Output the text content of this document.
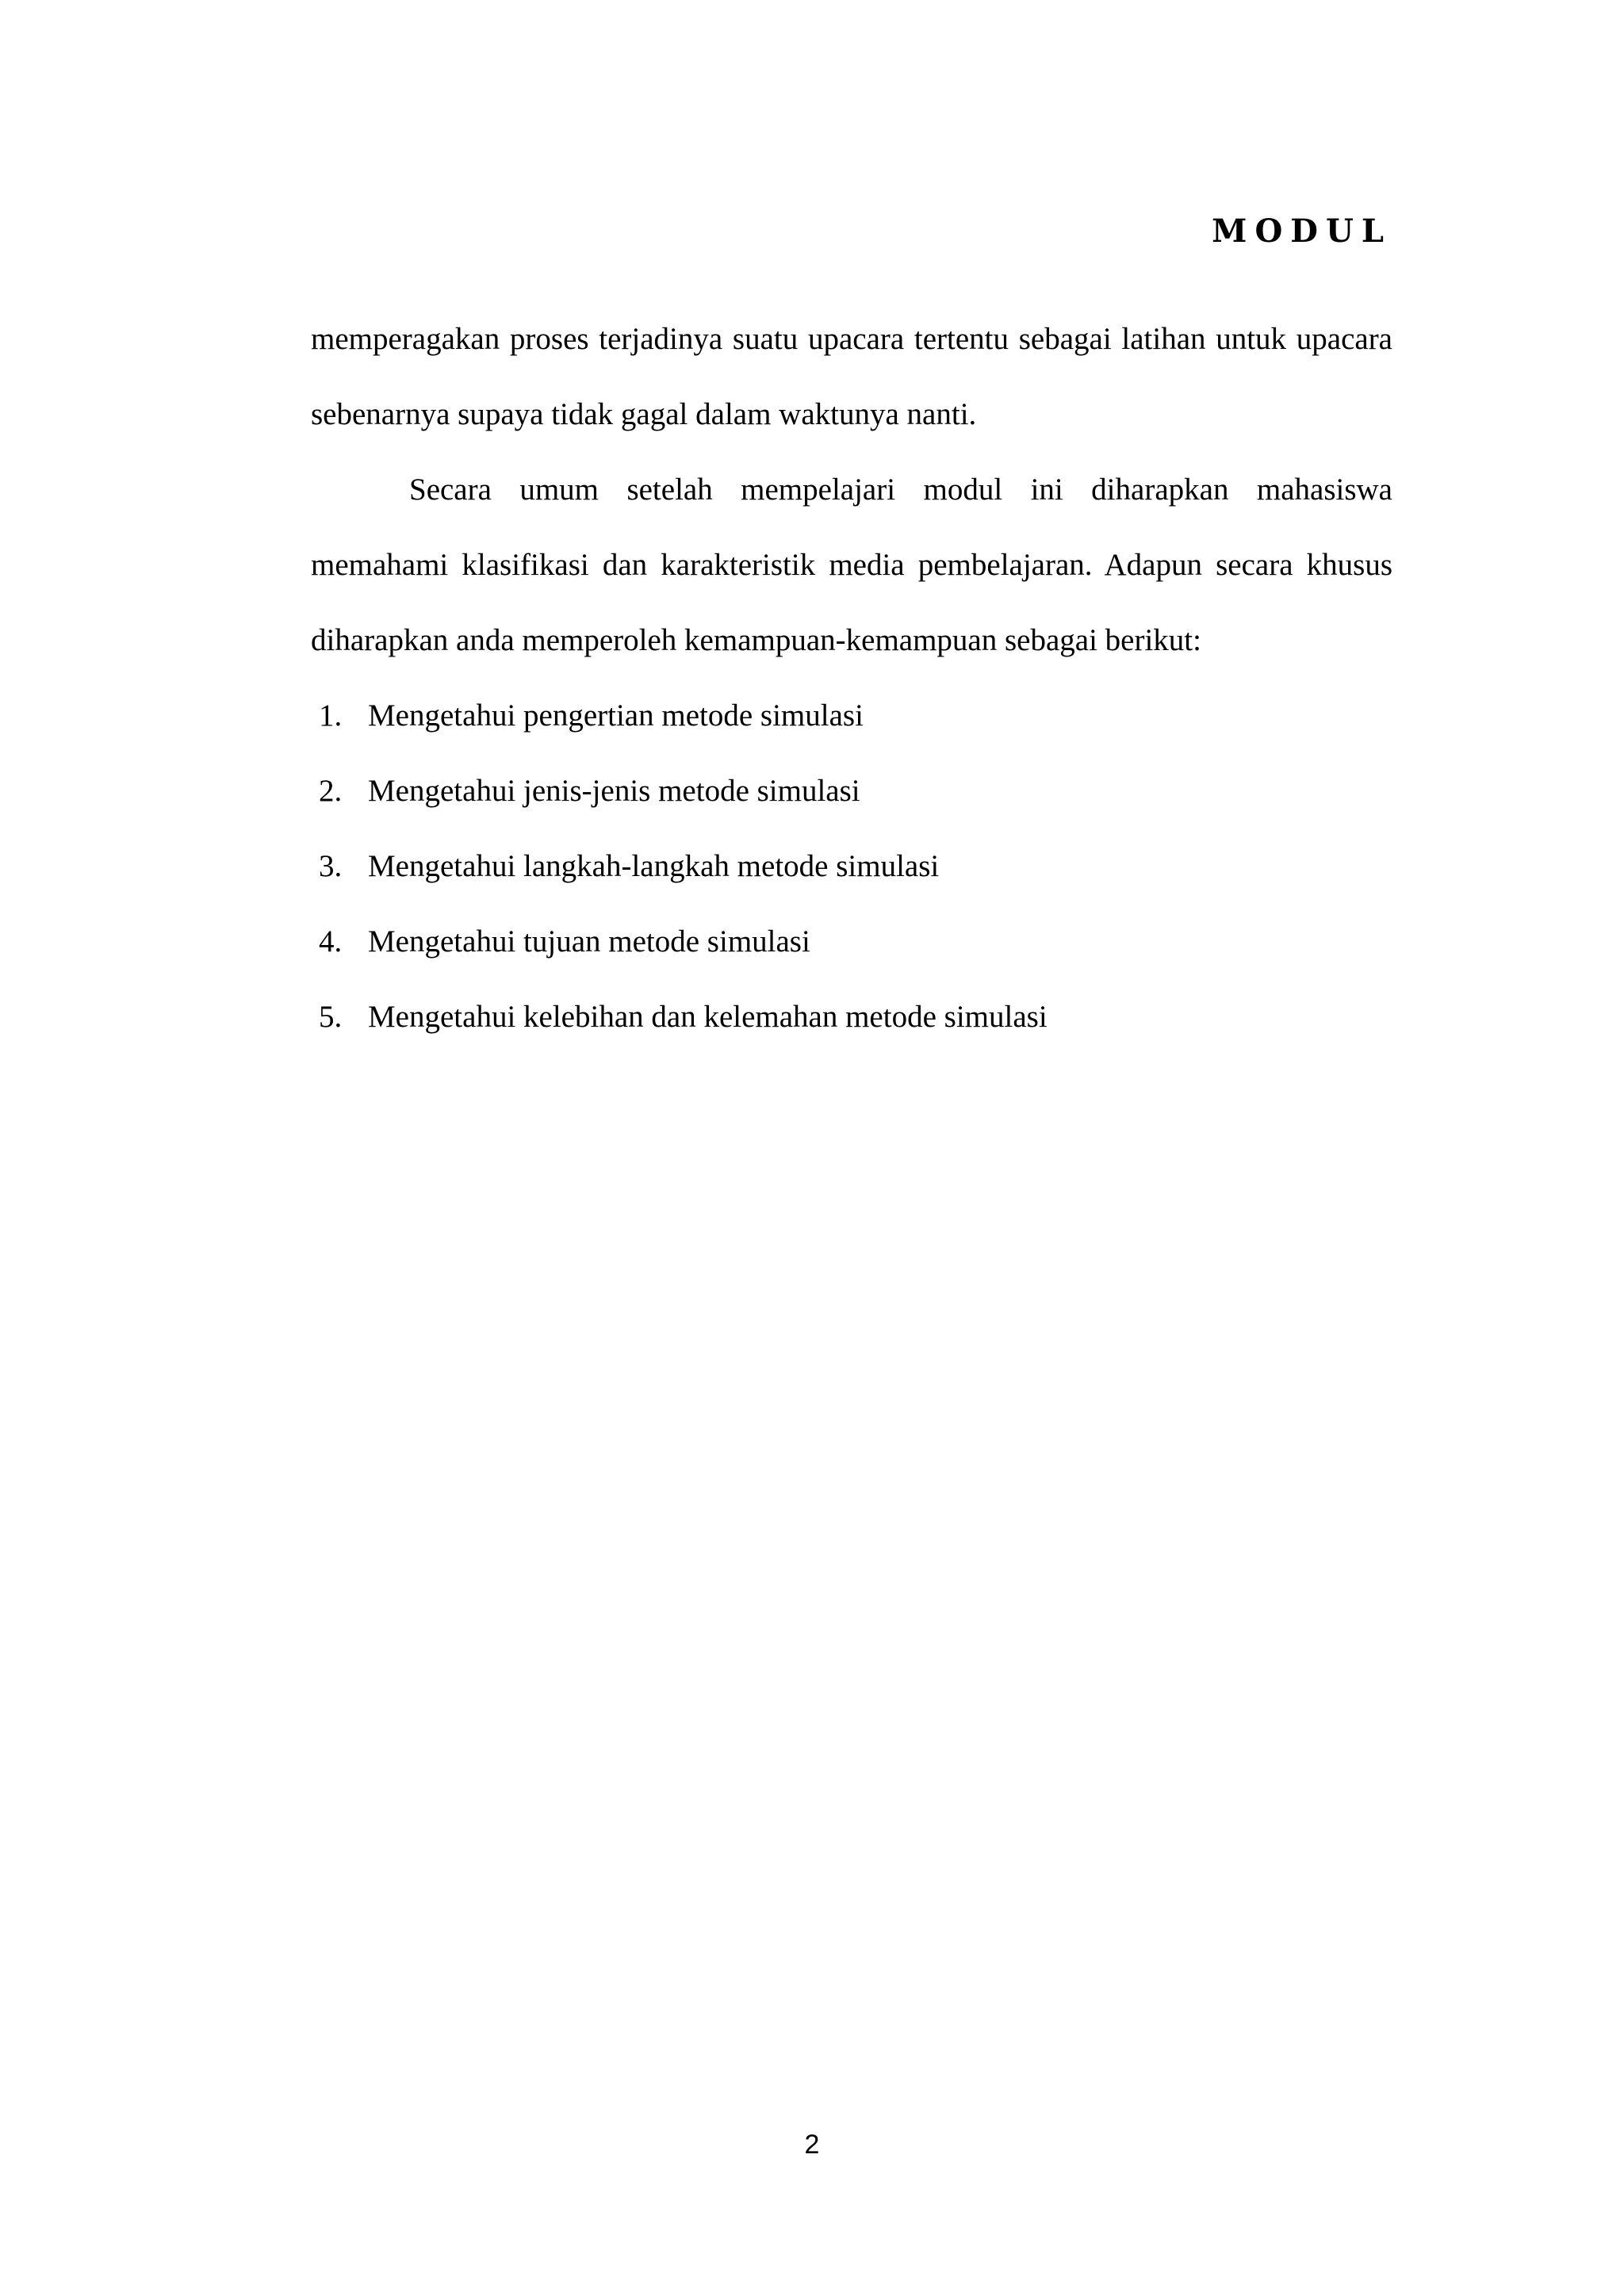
MODUL

memperagakan proses terjadinya suatu upacara tertentu sebagai latihan untuk upacara sebenarnya supaya tidak gagal dalam waktunya nanti.

Secara umum setelah mempelajari modul ini diharapkan mahasiswa memahami klasifikasi dan karakteristik media pembelajaran. Adapun secara khusus diharapkan anda memperoleh kemampuan-kemampuan sebagai berikut:

1. Mengetahui pengertian metode simulasi
2. Mengetahui jenis-jenis metode simulasi
3. Mengetahui langkah-langkah metode simulasi
4. Mengetahui tujuan metode simulasi
5. Mengetahui kelebihan dan kelemahan metode simulasi
2
